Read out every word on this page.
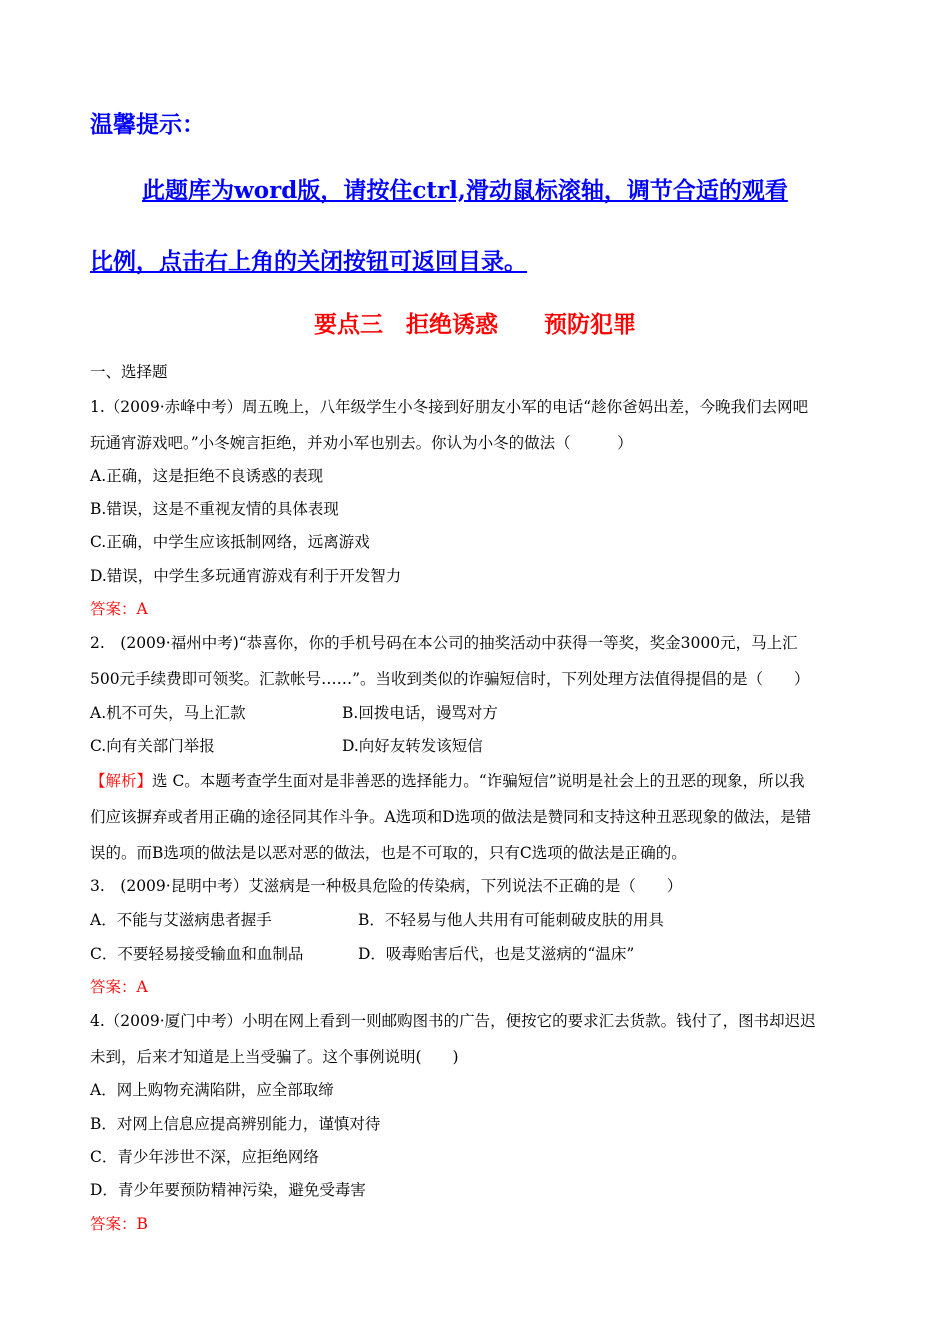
温馨提示：
此题库为word版，请按住ctrl,滑动鼠标滚轴，调节合适的观看
比例，点击右上角的关闭按钮可返回目录。
要点三　拒绝诱惑　　预防犯罪
一、选择题
1.（2009·赤峰中考）周五晚上，八年级学生小冬接到好朋友小军的电话“趁你爸妈出差，今晚我们去网吧
玩通宵游戏吧。”小冬婉言拒绝，并劝小军也别去。你认为小冬的做法（　　　）
A.正确，这是拒绝不良诱惑的表现
B.错误，这是不重视友情的具体表现
C.正确，中学生应该抵制网络，远离游戏
D.错误，中学生多玩通宵游戏有利于开发智力
答案：A
2.　(2009·福州中考)“恭喜你，你的手机号码在本公司的抽奖活动中获得一等奖，奖金3000元，马上汇
500元手续费即可领奖。汇款帐号……”。当收到类似的诈骗短信时，下列处理方法值得提倡的是（　　）
A.机不可失，马上汇款	B.回拨电话，谩骂对方
C.向有关部门举报	D.向好友转发该短信
【解析】选 C。本题考查学生面对是非善恶的选择能力。“诈骗短信”说明是社会上的丑恶的现象，所以我
们应该摒弃或者用正确的途径同其作斗争。A选项和D选项的做法是赞同和支持这种丑恶现象的做法，是错
误的。而B选项的做法是以恶对恶的做法，也是不可取的，只有C选项的做法是正确的。
3.　(2009·昆明中考）艾滋病是一种极具危险的传染病，下列说法不正确的是（　　）
A．不能与艾滋病患者握手	B．不轻易与他人共用有可能刺破皮肤的用具
C．不要轻易接受输血和血制品	D．吸毒贻害后代，也是艾滋病的“温床”
答案：A
4.（2009·厦门中考）小明在网上看到一则邮购图书的广告，便按它的要求汇去货款。钱付了，图书却迟迟
未到，后来才知道是上当受骗了。这个事例说明(　　)
A．网上购物充满陷阱，应全部取缔
B．对网上信息应提高辨别能力，谨慎对待
C．青少年涉世不深，应拒绝网络
D．青少年要预防精神污染，避免受毒害
答案：B
